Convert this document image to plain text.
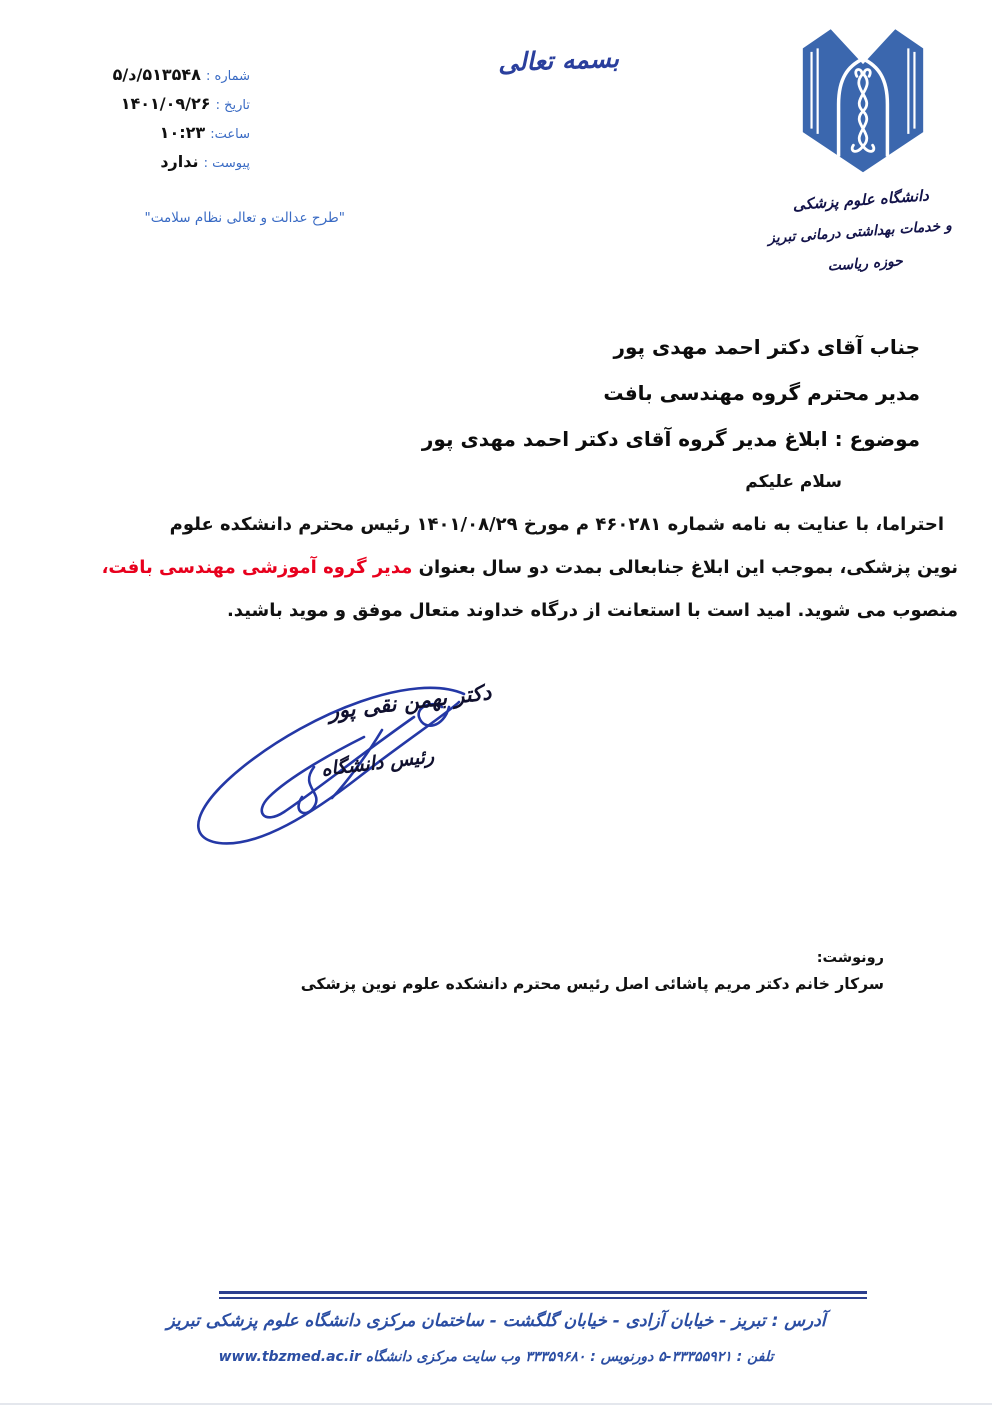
شماره : ۵۱۳۵۴۸/د/۵
تاریخ : ۱۴۰۱/۰۹/۲۶
ساعت: ۱۰:۲۳
پیوست : ندارد
"طرح عدالت و تعالی نظام سلامت"
بسمه تعالی
دانشگاه علوم پزشکی
و خدمات بهداشتی درمانی تبریز
حوزه ریاست
جناب آقای دکتر احمد مهدی پور
مدیر محترم گروه مهندسی بافت
موضوع : ابلاغ مدیر گروه آقای دکتر احمد مهدی پور
سلام علیکم
احتراما، با عنایت به نامه شماره ۴۶۰۲۸۱ م مورخ ۱۴۰۱/۰۸/۲۹ رئیس محترم دانشکده علوم
نوین پزشکی، بموجب این ابلاغ جنابعالی بمدت دو سال بعنوان مدیر گروه آموزشی مهندسی بافت،
منصوب می شوید. امید است با استعانت از درگاه خداوند متعال موفق و موید باشید.
دکتر بهمن نقی پور
رئیس دانشگاه
رونوشت:
سرکار خانم دکتر مریم پاشائی اصل رئیس محترم دانشکده علوم نوین پزشکی
آدرس : تبریز - خیابان آزادی - خیابان گلگشت - ساختمان مرکزی دانشگاه علوم پزشکی تبریز
تلفن : ۳۳۳۵۵۹۲۱-۵ دورنویس : ۳۳۳۵۹۶۸۰ وب سایت مرکزی دانشگاه www.tbzmed.ac.ir
